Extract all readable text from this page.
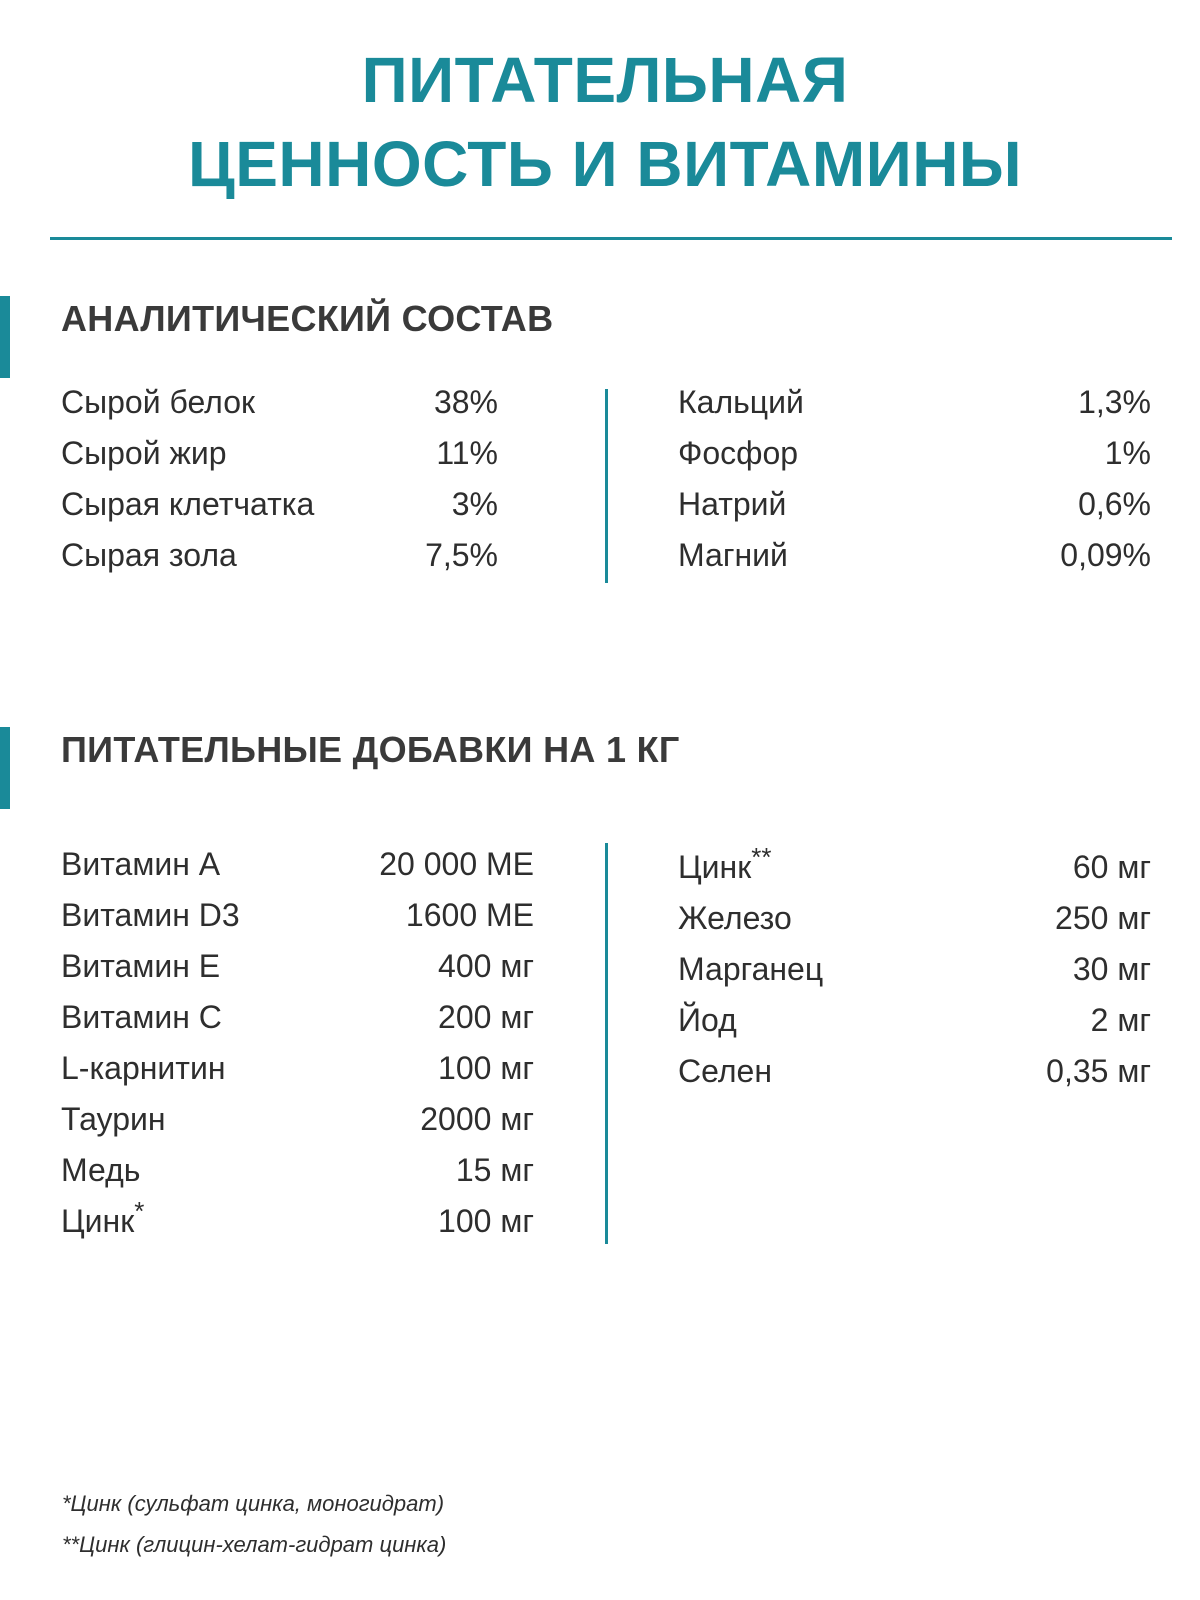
ПИТАТЕЛЬНАЯ
ЦЕННОСТЬ И ВИТАМИНЫ
АНАЛИТИЧЕСКИЙ СОСТАВ
Сырой белок	38%
Сырой жир	11%
Сырая клетчатка	3%
Сырая зола	7,5%
Кальций	1,3%
Фосфор	1%
Натрий	0,6%
Магний	0,09%
ПИТАТЕЛЬНЫЕ ДОБАВКИ НА 1 КГ
Витамин А	20 000 МЕ
Витамин D3	1600 МЕ
Витамин Е	400 мг
Витамин С	200 мг
L-карнитин	100 мг
Таурин	2000 мг
Медь	15 мг
Цинк*	100 мг
Цинк**	60 мг
Железо	250 мг
Марганец	30 мг
Йод	2 мг
Селен	0,35 мг

*Цинк (сульфат цинка, моногидрат)

**Цинк (глицин-хелат-гидрат цинка)
